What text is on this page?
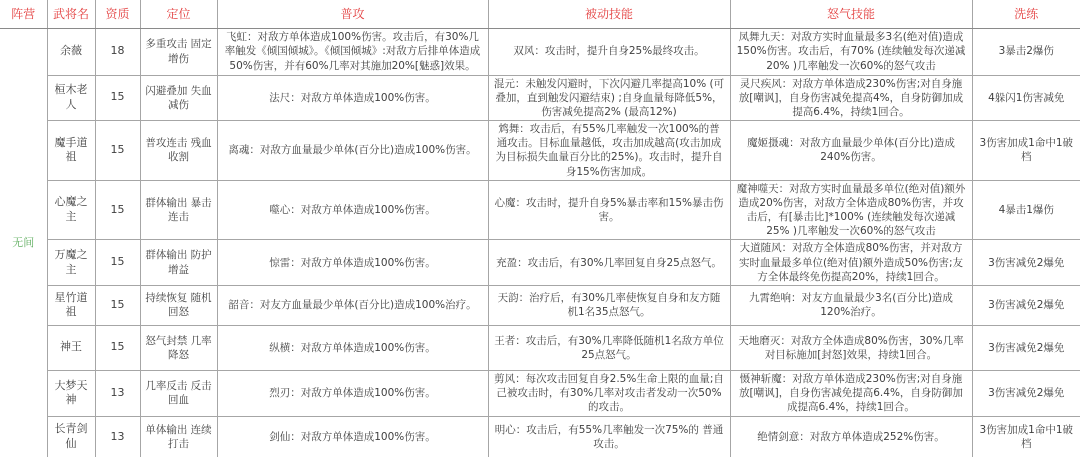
阵营	武将名	资质	定位	普攻	被动技能	怒气技能	洗练
无间	余薇	18	多重攻击 固定增伤	飞虹：对敌方单体造成100%伤害。攻击后，有30%几率触发《倾国倾城》。《倾国倾城》:对敌方后排单体造成50%伤害，并有60%几率对其施加20%[魅惑]效果。	双风：攻击时，提升自身25%最终攻击。	凤舞九天：对敌方实时血量最多3名(绝对值)造成150%伤害。攻击后，有70% (连续触发每次递减20% )几率触发一次60%的怒气攻击	3暴击2爆伤
	桓木老人	15	闪避叠加 失血减伤	法尺：对敌方单体造成100%伤害。	混元：未触发闪避时，下次闪避几率提高10% (可叠加，直到触发闪避结束) ;自身血量每降低5%，伤害减免提高2% (最高12%)	灵尺疾风：对敌方单体造成230%伤害;对自身施放[嘲讽]，自身伤害减免提高4%，自身防御加成提高6.4%，持续1回合。	4躲闪1伤害减免
	魔手道祖	15	普攻连击 残血收割	离魂：对敌方血量最少单体(百分比)造成100%伤害。	鸩舞：攻击后，有55%几率触发一次100%的普通攻击。目标血量越低，攻击加成越高(攻击加成为目标损失血量百分比的25%)。攻击时，提升自身15%伤害加成。	魔姬摄魂：对敌方血量最少单体(百分比)造成240%伤害。	3伤害加成1命中1破档
	心魔之主	15	群体输出 暴击连击	噬心：对敌方单体造成100%伤害。	心魔：攻击时，提升自身5%暴击率和15%暴击伤害。	魔神噬天：对敌方实时血量最多单位(绝对值)额外造成20%伤害，对敌方全体造成80%伤害，并攻击后，有[暴击比]*100% (连续触发每次递减25% )几率触发一次60%的怒气攻击	4暴击1爆伤
	万魔之主	15	群体输出 防护增益	惊雷：对敌方单体造成100%伤害。	充盈：攻击后，有30%几率回复自身25点怒气。	大道随风：对敌方全体造成80%伤害，并对敌方实时血量最多单位(绝对值)额外造成50%伤害;友方全体最终免伤提高20%，持续1回合。	3伤害减免2爆免
	星竹道祖	15	持续恢复 随机回怒	韶音：对友方血量最少单体(百分比)造成100%治疗。	天韵：治疗后，有30%几率使恢复自身和友方随机1名35点怒气。	九霄绝响：对友方血量最少3名(百分比)造成120%治疗。	3伤害减免2爆免
	神王	15	怒气封禁 几率降怒	纵横：对敌方单体造成100%伤害。	王者：攻击后，有30%几率降低随机1名敌方单位25点怒气。	天地磨灭：对敌方全体造成80%伤害，30%几率对目标施加[封怒]效果，持续1回合。	3伤害减免2爆免
	大梦天神	13	几率反击 反击回血	烈刃：对敌方单体造成100%伤害。	剪风：每次攻击回复自身2.5%生命上限的血量;自己被攻击时，有30%几率对攻击者发动一次50%的攻击。	慑神斩魔：对敌方单体造成230%伤害;对自身施放[嘲讽]，自身伤害减免提高6.4%，自身防御加成提高6.4%，持续1回合。	3伤害减免2爆免
	长青剑仙	13	单体输出 连续打击	剑仙：对敌方单体造成100%伤害。	明心：攻击后，有55%几率触发一次75%的 普通攻击。	绝情剑意：对敌方单体造成252%伤害。	3伤害加成1命中1破档
